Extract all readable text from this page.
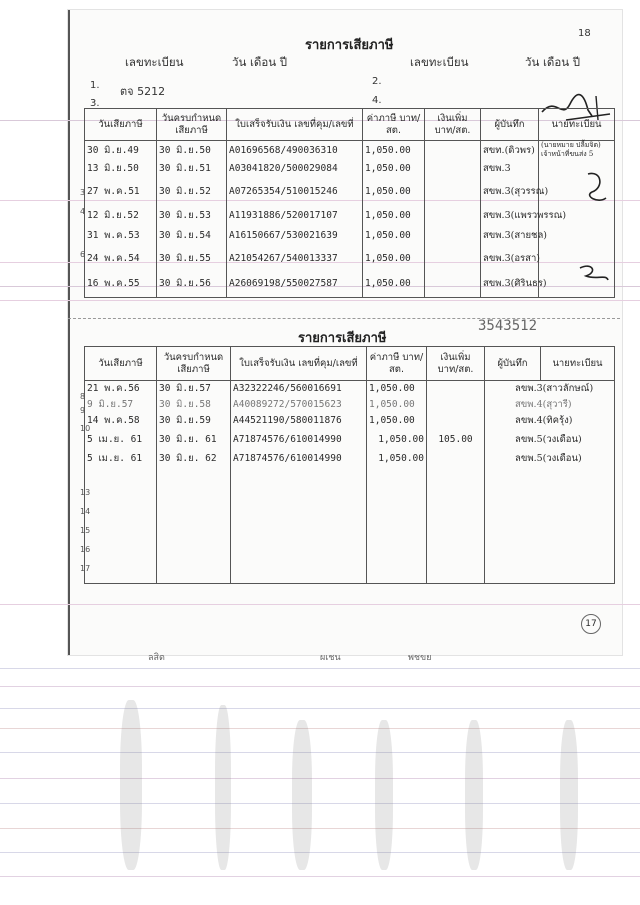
18
รายการเสียภาษี
เลขทะเบียน	วัน เดือน ปี	เลขทะเบียน	วัน เดือน ปี
1. ตจ 5212
2.
3.	4.
วันเสียภาษี	วันครบกำหนด เสียภาษี	ใบเสร็จรับเงิน เลขที่คุม/เลขที่	ค่าภาษี บาท/สต.	เงินเพิ่ม บาท/สต.	ผู้บันทึก	นายทะเบียน
30 มิ.ย.49	30 มิ.ย.50	A01696568/490036310	1,050.00		สขท.(ดิวพร)	(นายหมาย ปลื้มจิต) เจ้าหน้าที่ขนส่ง 5
13 มิ.ย.50	30 มิ.ย.51	A03041820/500029084	1,050.00		สขพ.3	
27 พ.ค.51	30 มิ.ย.52	A07265354/510015246	1,050.00		สขพ.3(สุวรรณ)	
12 มิ.ย.52	30 มิ.ย.53	A11931886/520017107	1,050.00		สขพ.3(แพรวพรรณ)	
31 พ.ค.53	30 มิ.ย.54	A16150667/530021639	1,050.00		สขพ.3(สายชล)	
24 พ.ค.54	30 มิ.ย.55	A21054267/540013337	1,050.00		ลขพ.3(อรสา)	
16 พ.ค.55	30 มิ.ย.56	A26069198/550027587	1,050.00		สขพ.3(ศิรินธร)	
3
4
6
3543512
รายการเสียภาษี
วันเสียภาษี	วันครบกำหนด เสียภาษี	ใบเสร็จรับเงิน เลขที่คุม/เลขที่	ค่าภาษี บาท/สต.	เงินเพิ่ม บาท/สต.	ผู้บันทึก	นายทะเบียน
21 พ.ค.56	30 มิ.ย.57	A32322246/560016691	1,050.00		ลขพ.3(สาวลักษณ์)	
9 มิ.ย.57	30 มิ.ย.58	A40089272/570015623	1,050.00		สขพ.4(สุวารี)	
14 พ.ค.58	30 มิ.ย.59	A44521190/580011876	1,050.00		ลขพ.4(ทิครุ้ง)	
5 เม.ย. 61	30 มิ.ย. 61	A71874576/610014990	1,050.00	105.00	ลขพ.5(วงเดือน)	
5 เม.ย. 61	30 มิ.ย. 62	A71874576/610014990	1,050.00		ลขพ.5(วงเดือน)	

8
9
10
13
14
15
16
17
17
ลสิต	ผเชน	พชขย
